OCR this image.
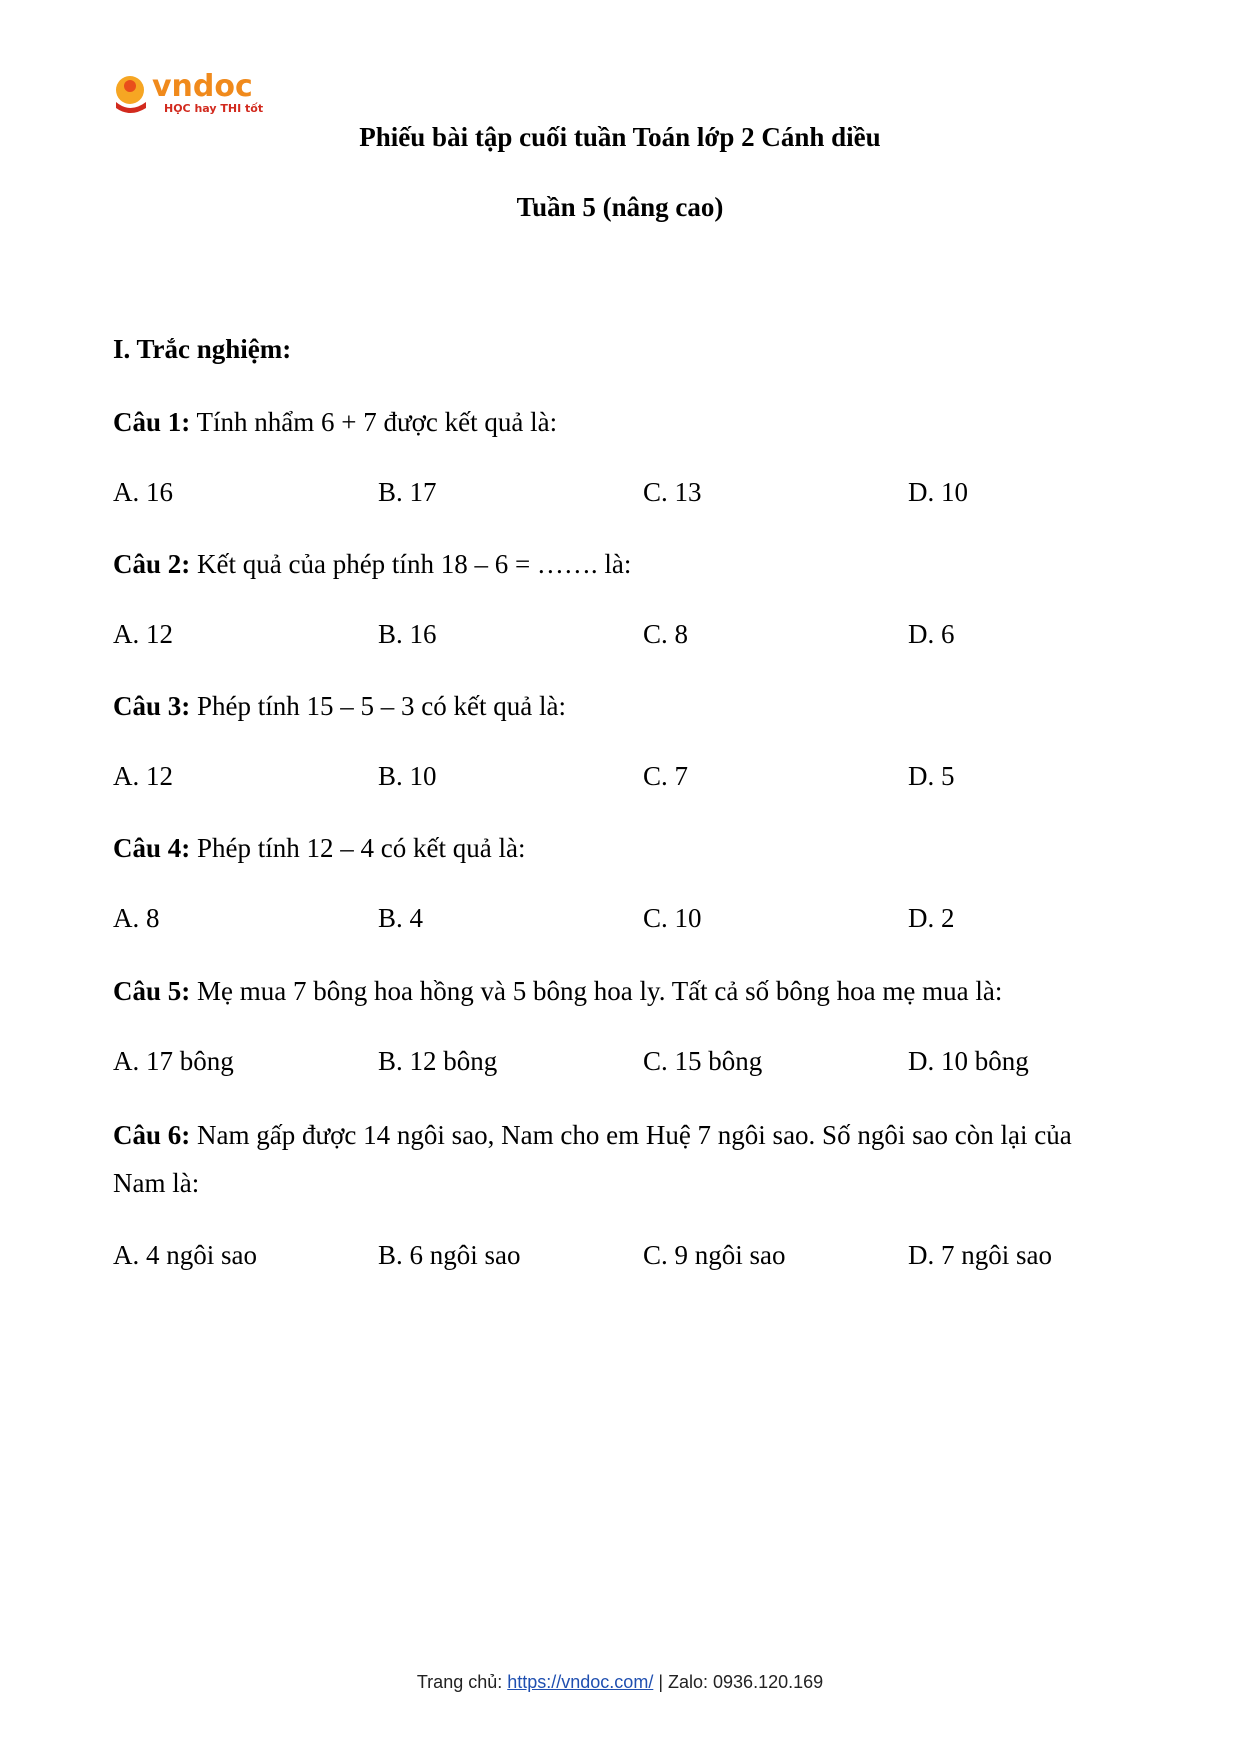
vndoc
HỌC hay THI tốt
Phiếu bài tập cuối tuần Toán lớp 2 Cánh diều
Tuần 5 (nâng cao)
I. Trắc nghiệm:
Câu 1: Tính nhẩm 6 + 7 được kết quả là:
A. 16	B. 17	C. 13	D. 10
Câu 2: Kết quả của phép tính 18 – 6 = ……. là:
A. 12	B. 16	C. 8	D. 6
Câu 3: Phép tính 15 – 5 – 3 có kết quả là:
A. 12	B. 10	C. 7	D. 5
Câu 4: Phép tính 12 – 4 có kết quả là:
A. 8	B. 4	C. 10	D. 2
Câu 5: Mẹ mua 7 bông hoa hồng và 5 bông hoa ly. Tất cả số bông hoa mẹ mua là:
A. 17 bông	B. 12 bông	C. 15 bông	D. 10 bông
Câu 6: Nam gấp được 14 ngôi sao, Nam cho em Huệ 7 ngôi sao. Số ngôi sao còn lại của Nam là:
A. 4 ngôi sao	B. 6 ngôi sao	C. 9 ngôi sao	D. 7 ngôi sao
Trang chủ: https://vndoc.com/ | Zalo: 0936.120.169
